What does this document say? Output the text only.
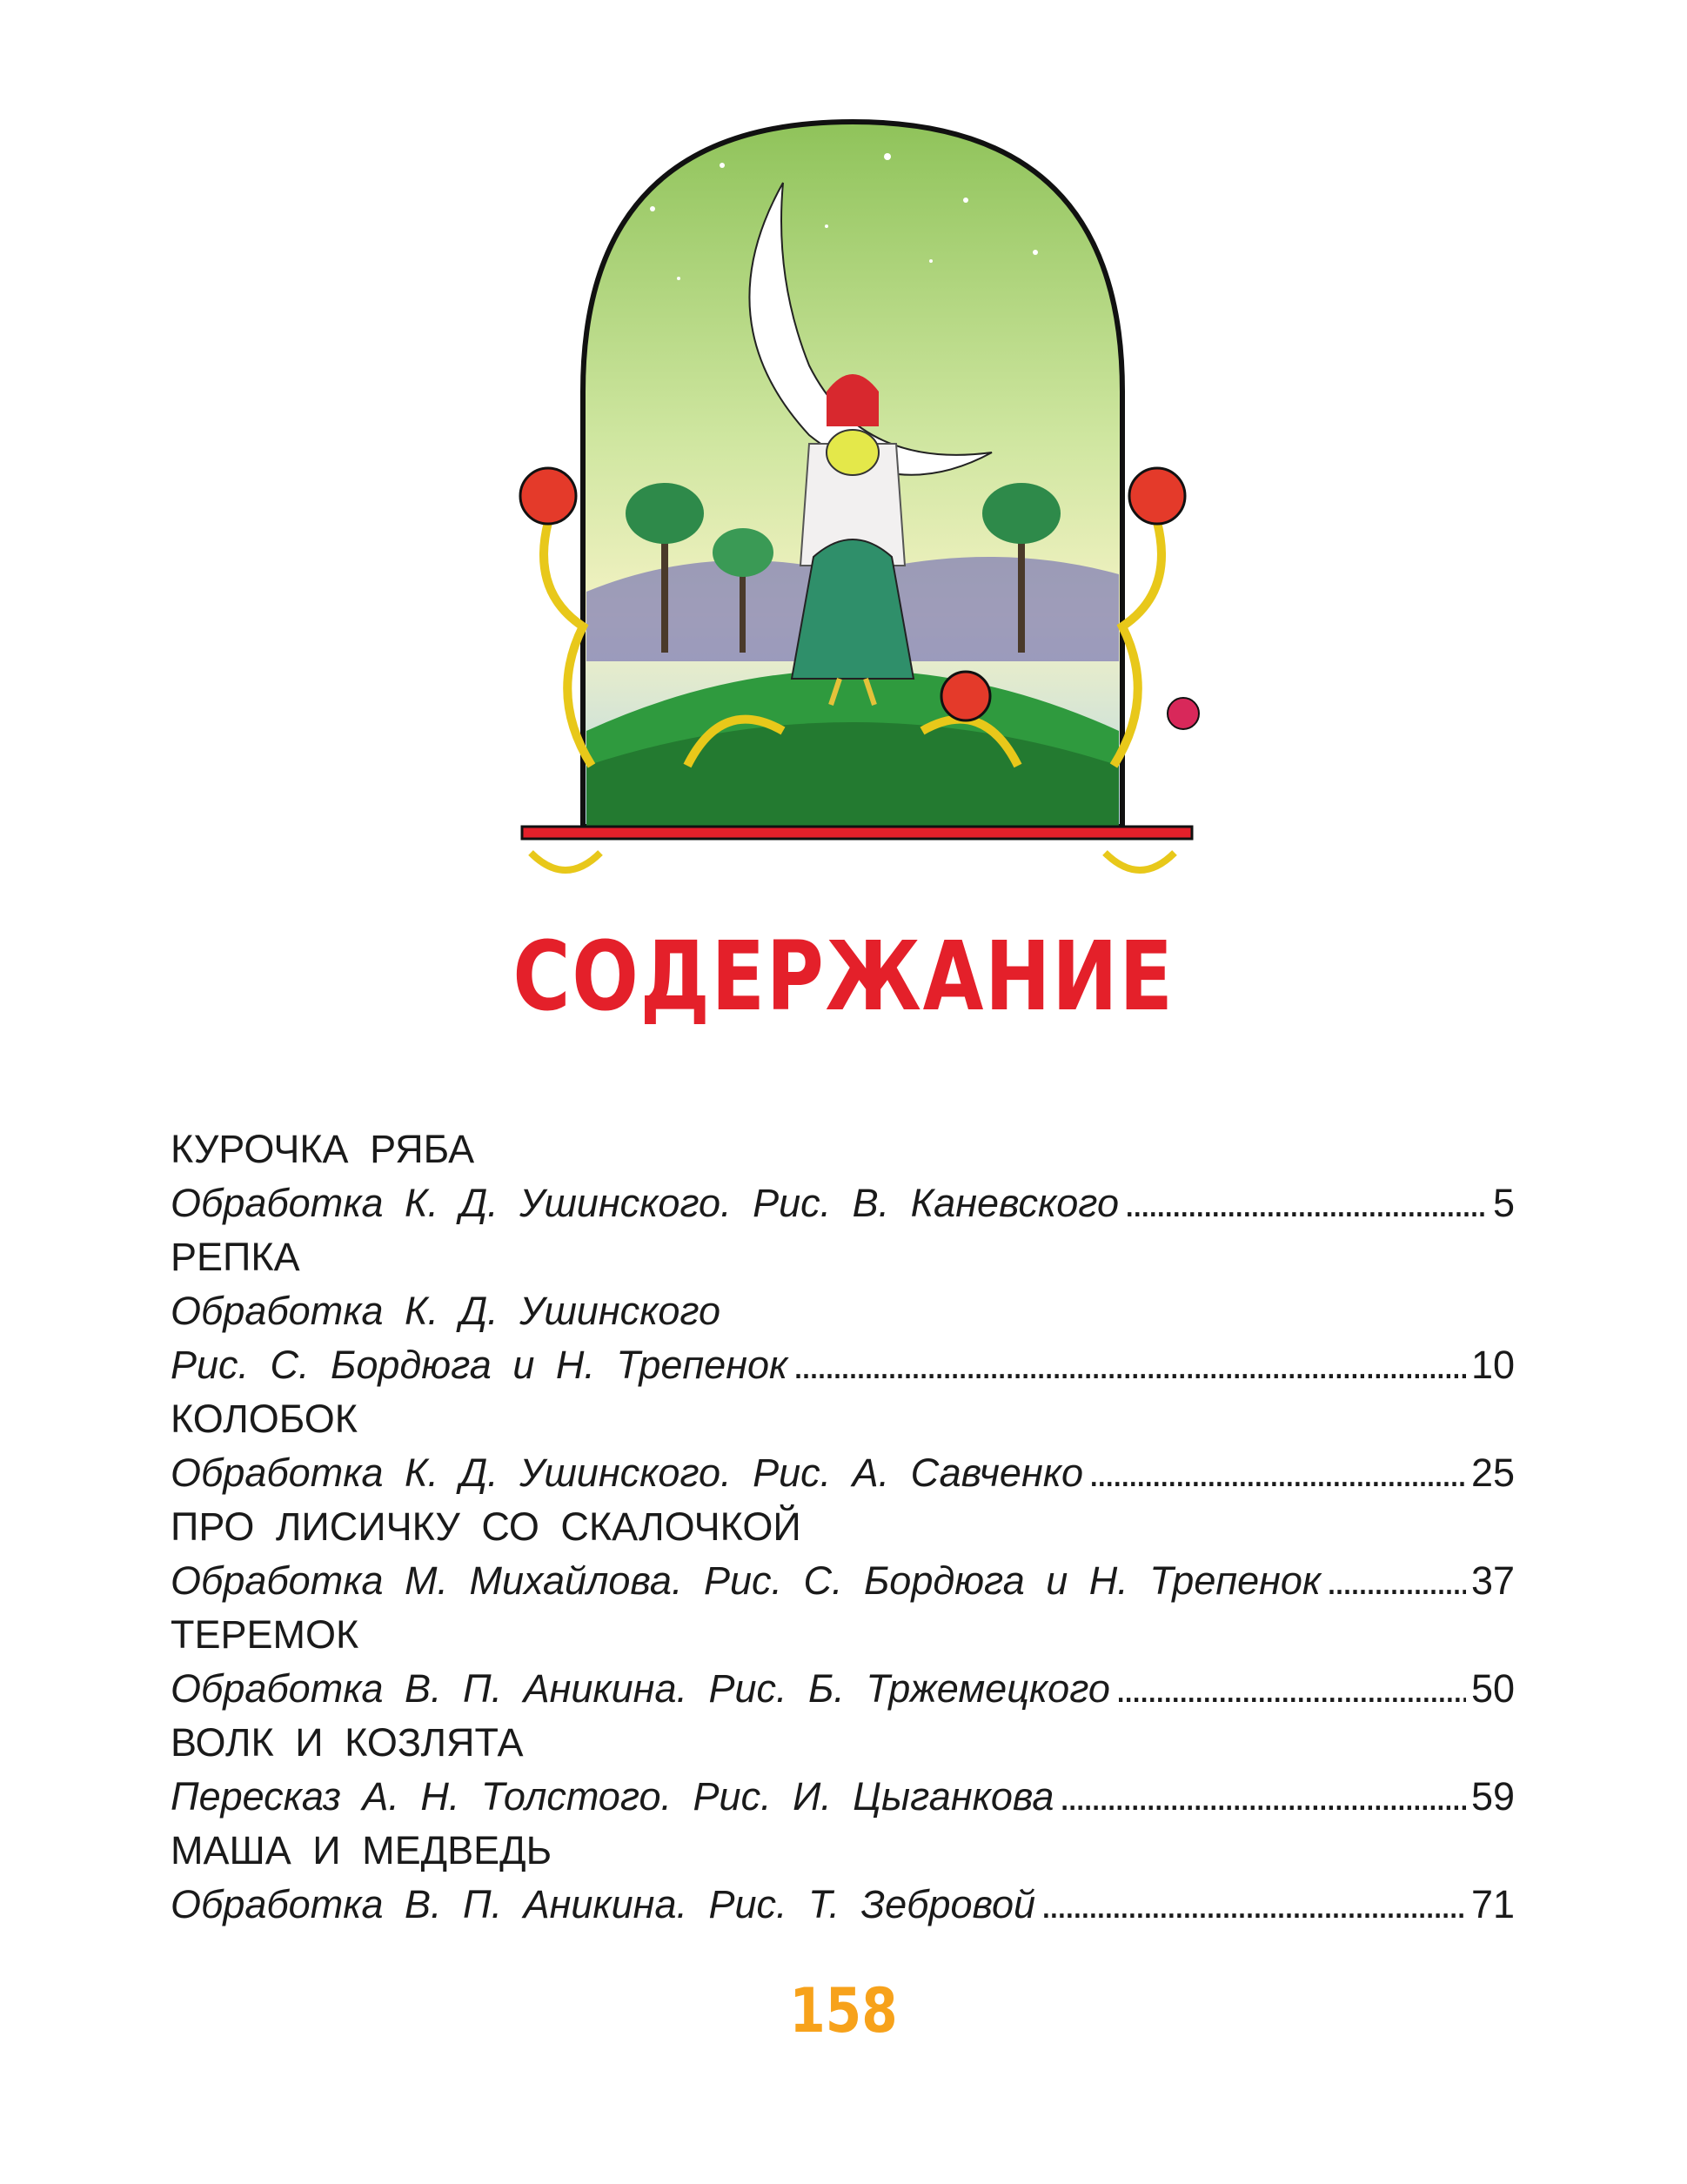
СОДЕРЖАНИЕ
КУРОЧКА РЯБА
Обработка К. Д. Ушинского. Рис. В. Каневского . . .	5
РЕПКА
Обработка К. Д. Ушинского
Рис. С. Бордюга и Н. Трепенок . . .	10
КОЛОБОК
Обработка К. Д. Ушинского. Рис. А. Савченко . . .	25
ПРО ЛИСИЧКУ СО СКАЛОЧКОЙ
Обработка М. Михайлова. Рис. С. Бордюга и Н. Трепенок . . .	37
ТЕРЕМОК
Обработка В. П. Аникина. Рис. Б. Тржемецкого . . .	50
ВОЛК И КОЗЛЯТА
Пересказ А. Н. Толстого. Рис. И. Цыганкова . . .	59
МАША И МЕДВЕДЬ
Обработка В. П. Аникина. Рис. Т. Зебровой . . .	71
158
